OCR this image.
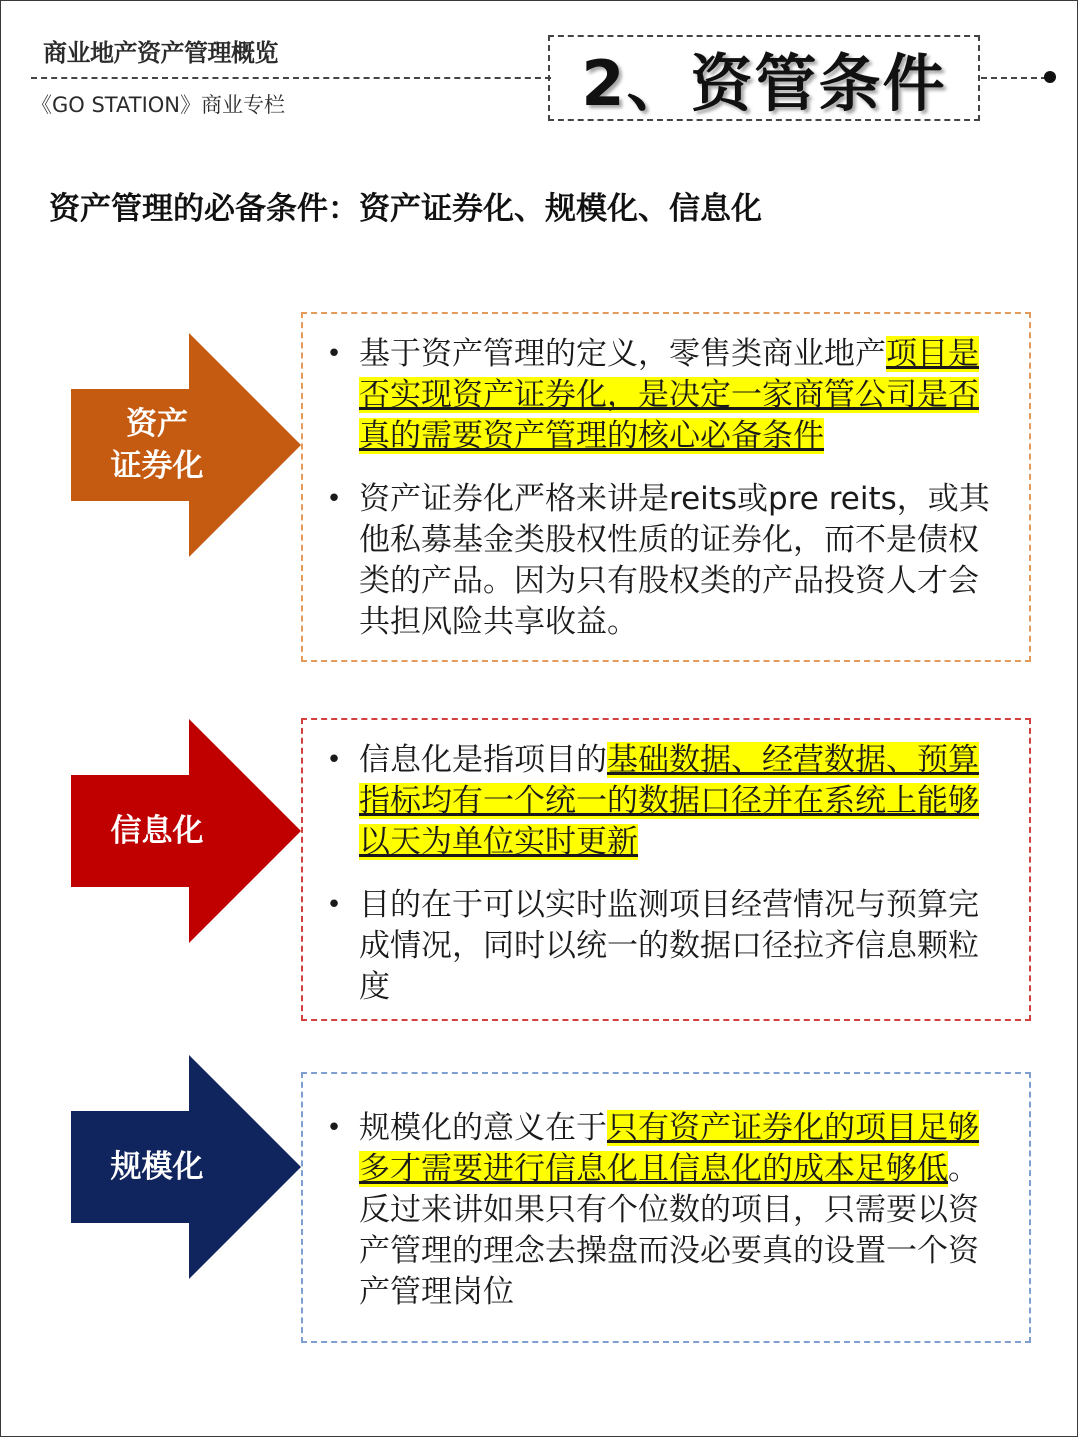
商业地产资产管理概览
《GO STATION》商业专栏	2、资管条件
资产管理的必备条件：资产证券化、规模化、信息化
资产
证券化
• 基于资产管理的定义，零售类商业地产项目是否实现资产证券化，是决定一家商管公司是否真的需要资产管理的核心必备条件
• 资产证券化严格来讲是reits或pre reits，或其他私募基金类股权性质的证券化，而不是债权类的产品。因为只有股权类的产品投资人才会共担风险共享收益。
信息化
• 信息化是指项目的基础数据、经营数据、预算指标均有一个统一的数据口径并在系统上能够以天为单位实时更新
• 目的在于可以实时监测项目经营情况与预算完成情况，同时以统一的数据口径拉齐信息颗粒度
规模化
• 规模化的意义在于只有资产证券化的项目足够多才需要进行信息化且信息化的成本足够低。反过来讲如果只有个位数的项目，只需要以资产管理的理念去操盘而没必要真的设置一个资产管理岗位
